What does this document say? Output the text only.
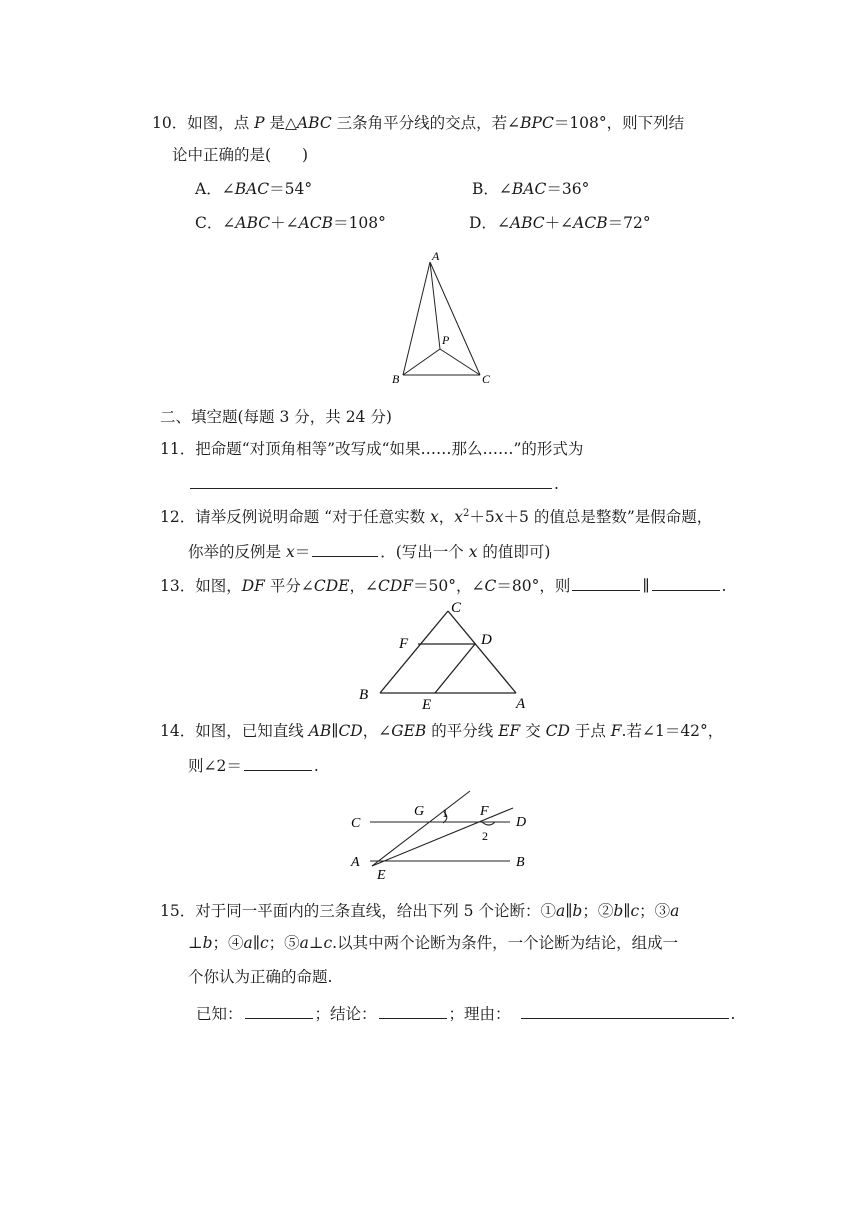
10．如图，点 P 是△ABC 三条角平分线的交点，若∠BPC＝108°，则下列结
论中正确的是(　　)
A．∠BAC＝54°	B．∠BAC＝36°
C．∠ABC＋∠ACB＝108°	D．∠ABC＋∠ACB＝72°
A
B	C
P
二、填空题(每题 3 分，共 24 分)
11．把命题“对顶角相等”改写成“如果……那么……”的形式为
.
12．请举反例说明命题 “对于任意实数 x，$x^2+5x+5$ 的值总是整数”是假命题，
你举的反例是 x＝	．(写出一个 x 的值即可)
13．如图，DF 平分∠CDE，∠CDF＝50°，∠C＝80°，则	∥	.
C
F	D
B
E	A
14．如图，已知直线 AB∥CD，∠GEB 的平分线 EF 交 CD 于点 F.若∠1＝42°，
则∠2＝	.
C
G 1 F
D
2
A	B
E
15．对于同一平面内的三条直线，给出下列 5 个论断：①a∥b；②b∥c；③a
⊥b；④a∥c；⑤a⊥c.以其中两个论断为条件，一个论断为结论，组成一
个你认为正确的命题.
已知：	；结论：	；理由：	.
